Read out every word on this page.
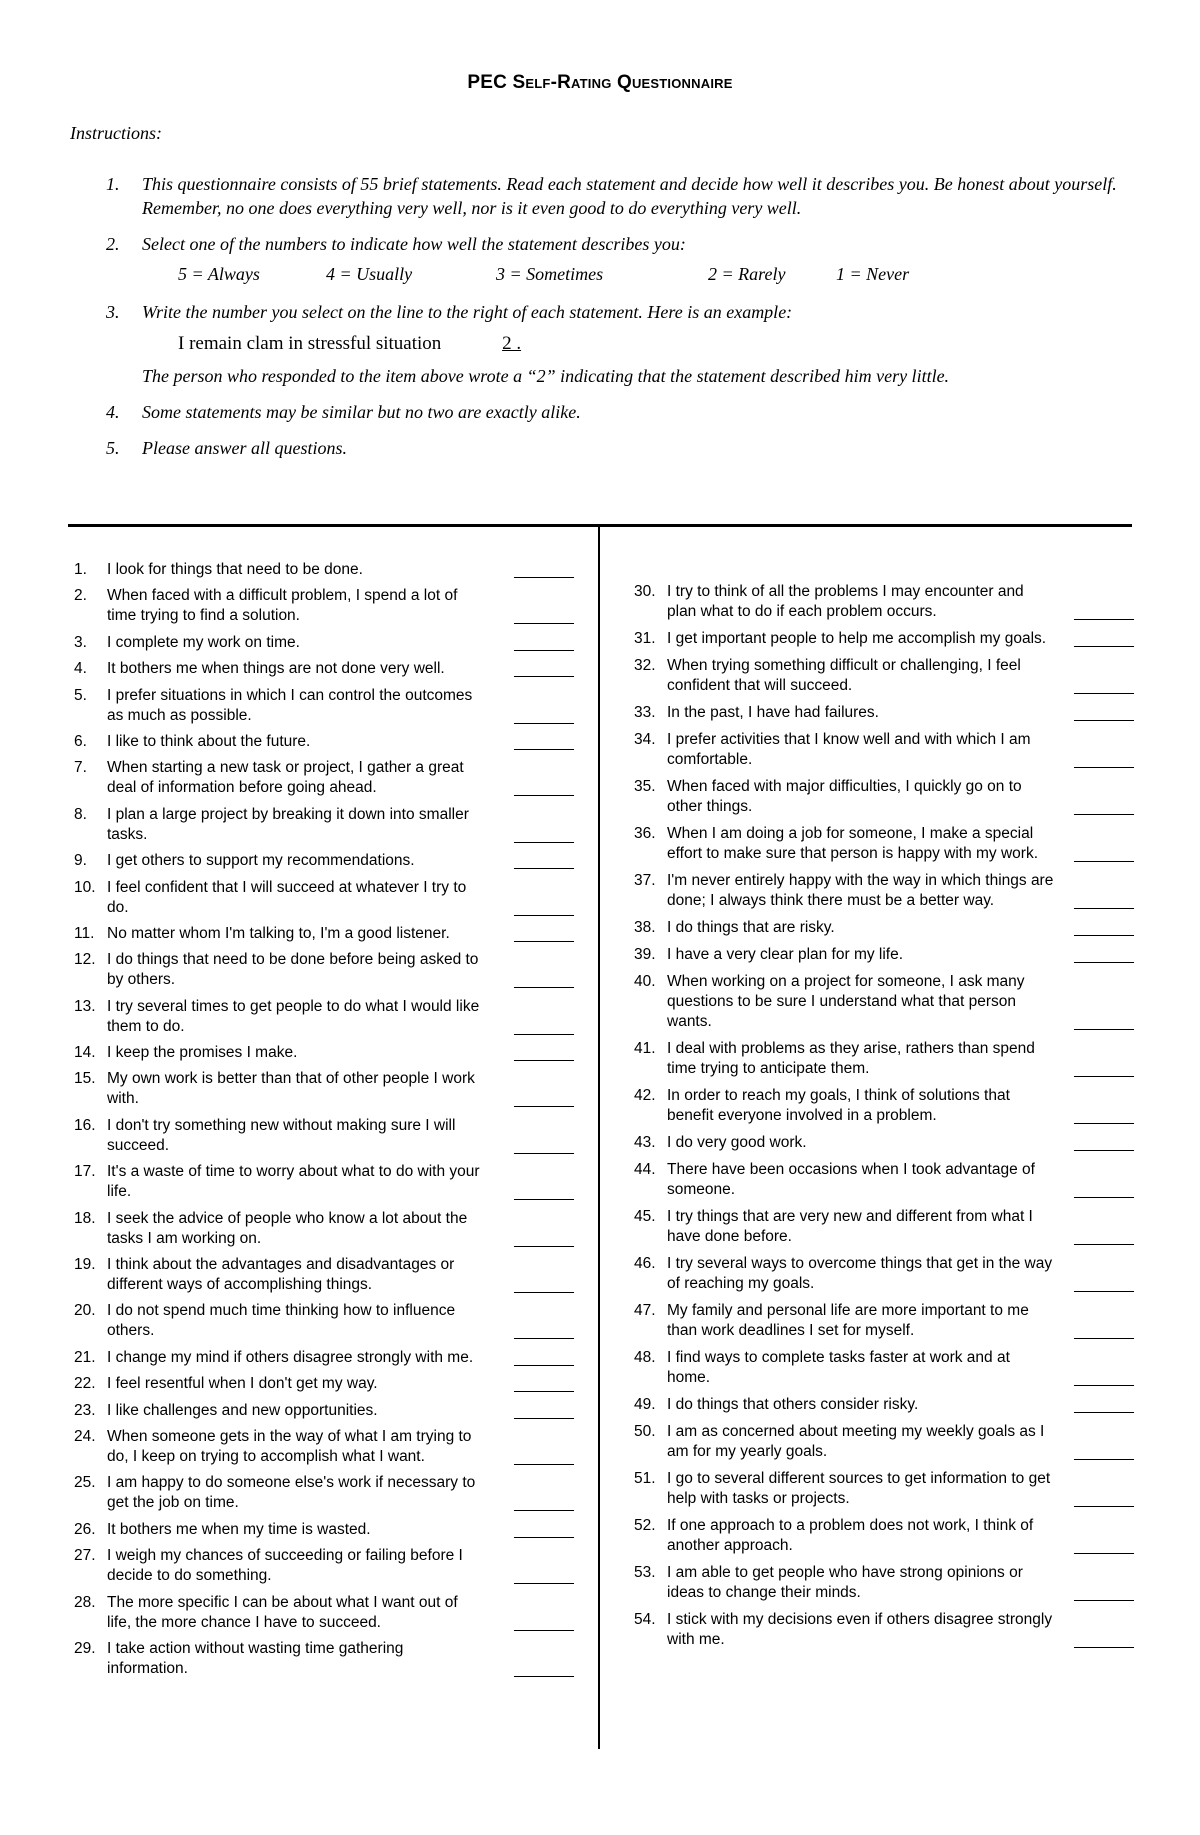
PEC Self-Rating Questionnaire
Instructions:
1. This questionnaire consists of 55 brief statements. Read each statement and decide how well it describes you. Be honest about yourself. Remember, no one does everything very well, nor is it even good to do everything very well.
2. Select one of the numbers to indicate how well the statement describes you:
5 = Always	4 = Usually	3 = Sometimes	2 = Rarely	1 = Never
3. Write the number you select on the line to the right of each statement. Here is an example:
I remain clam in stressful situation	2 .
The person who responded to the item above wrote a “2” indicating that the statement described him very little.
4. Some statements may be similar but no two are exactly alike.
5. Please answer all questions.
1.	I look for things that need to be done.
2.	When faced with a difficult problem, I spend a lot of time trying to find a solution.
3.	I complete my work on time.
4.	It bothers me when things are not done very well.
5.	I prefer situations in which I can control the outcomes as much as possible.
6.	I like to think about the future.
7.	When starting a new task or project, I gather a great deal of information before going ahead.
8.	I plan a large project by breaking it down into smaller tasks.
9.	I get others to support my recommendations.
10. I feel confident that I will succeed at whatever I try to do.
11. No matter whom I'm talking to, I'm a good listener.
12. I do things that need to be done before being asked to by others.
13. I try several times to get people to do what I would like them to do.
14. I keep the promises I make.
15. My own work is better than that of other people I work with.
16. I don't try something new without making sure I will succeed.
17. It's a waste of time to worry about what to do with your life.
18. I seek the advice of people who know a lot about the tasks I am working on.
19. I think about the advantages and disadvantages or different ways of accomplishing things.
20. I do not spend much time thinking how to influence others.
21. I change my mind if others disagree strongly with me.
22. I feel resentful when I don't get my way.
23. I like challenges and new opportunities.
24. When someone gets in the way of what I am trying to do, I keep on trying to accomplish what I want.
25. I am happy to do someone else's work if necessary to get the job on time.
26. It bothers me when my time is wasted.
27. I weigh my chances of succeeding or failing before I decide to do something.
28. The more specific I can be about what I want out of life, the more chance I have to succeed.
29. I take action without wasting time gathering information.
30. I try to think of all the problems I may encounter and plan what to do if each problem occurs.
31. I get important people to help me accomplish my goals.
32. When trying something difficult or challenging, I feel confident that will succeed.
33. In the past, I have had failures.
34. I prefer activities that I know well and with which I am comfortable.
35. When faced with major difficulties, I quickly go on to other things.
36. When I am doing a job for someone, I make a special effort to make sure that person is happy with my work.
37. I'm never entirely happy with the way in which things are done; I always think there must be a better way.
38. I do things that are risky.
39. I have a very clear plan for my life.
40. When working on a project for someone, I ask many questions to be sure I understand what that person wants.
41. I deal with problems as they arise, rathers than spend time trying to anticipate them.
42. In order to reach my goals, I think of solutions that benefit everyone involved in a problem.
43. I do very good work.
44. There have been occasions when I took advantage of someone.
45. I try things that are very new and different from what I have done before.
46. I try several ways to overcome things that get in the way of reaching my goals.
47. My family and personal life are more important to me than work deadlines I set for myself.
48. I find ways to complete tasks faster at work and at home.
49. I do things that others consider risky.
50. I am as concerned about meeting my weekly goals as I am for my yearly goals.
51. I go to several different sources to get information to get help with tasks or projects.
52. If one approach to a problem does not work, I think of another approach.
53. I am able to get people who have strong opinions or ideas to change their minds.
54. I stick with my decisions even if others disagree strongly with me.
